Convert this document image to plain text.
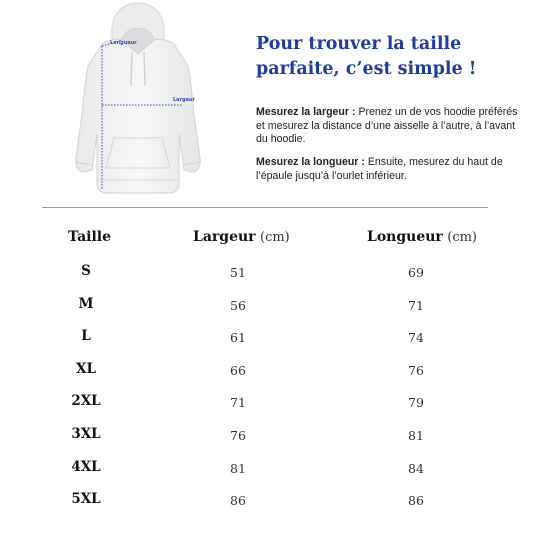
Longueur
Largeur
Pour trouver la taille
parfaite, c’est simple !

Mesurez la largeur : Prenez un de vos hoodie préférés et mesurez la distance d’une aisselle à l’autre, à l’avant du hoodie.

Mesurez la longueur : Ensuite, mesurez du haut de l’épaule jusqu’à l’ourlet inférieur.

Taille	Largeur (cm)	Longueur (cm)
S	51	69
M	56	71
L	61	74
XL	66	76
2XL	71	79
3XL	76	81
4XL	81	84
5XL	86	86
